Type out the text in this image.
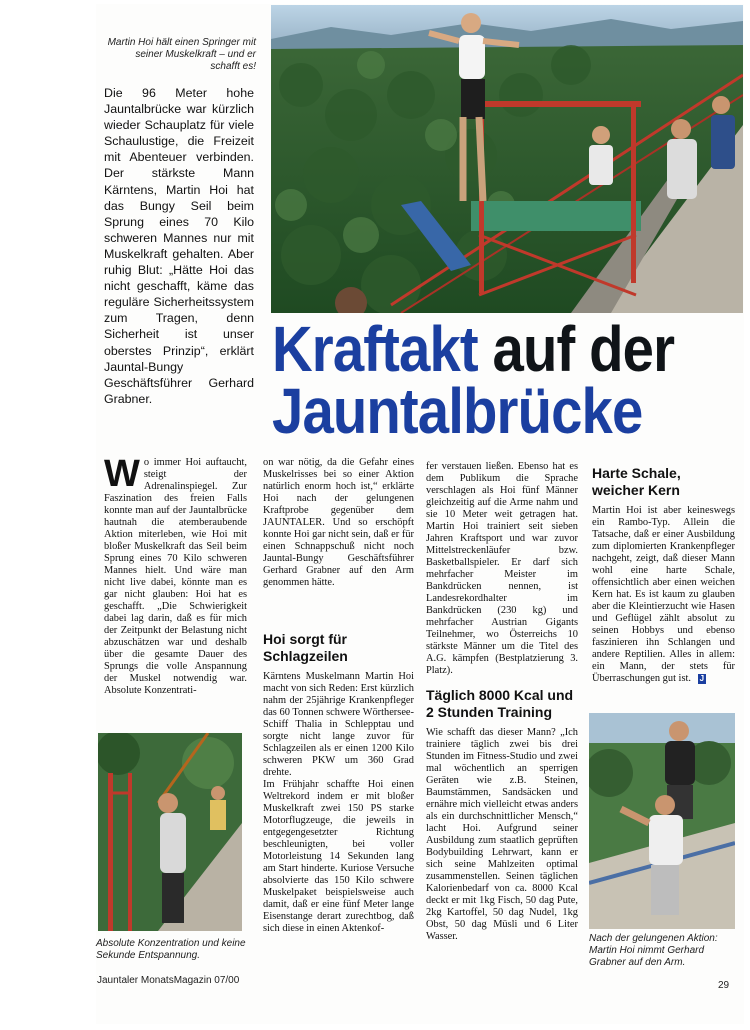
Martin Hoi hält einen Springer mit seiner Muskelkraft – und er schafft es!
Die 96 Meter hohe Jauntalbrücke war kürzlich wieder Schauplatz für viele Schaulustige, die Freizeit mit Abenteuer verbinden. Der stärkste Mann Kärntens, Martin Hoi hat das Bungy Seil beim Sprung eines 70 Kilo schweren Mannes nur mit Muskelkraft gehalten. Aber ruhig Blut: „Hätte Hoi das nicht geschafft, käme das reguläre Sicherheitssystem zum Tragen, denn Sicherheit ist unser oberstes Prinzip“, erklärt Jauntal-Bungy Geschäftsführer Gerhard Grabner.
Kraftakt auf der
Jauntalbrücke
Wo immer Hoi auftaucht, steigt der Adrenalinspiegel. Zur Faszination des freien Falls konnte man auf der Jauntalbrücke hautnah die atemberaubende Aktion miterleben, wie Hoi mit bloßer Muskelkraft das Seil beim Sprung eines 70 Kilo schweren Mannes hielt. Und wäre man nicht live dabei, könnte man es gar nicht glauben: Hoi hat es geschafft. „Die Schwierigkeit dabei lag darin, daß es für mich der Zeitpunkt der Belastung nicht abzuschätzen war und deshalb über die gesamte Dauer des Sprungs die volle Anspannung der Muskel notwendig war. Absolute Konzentrati-

on war nötig, da die Gefahr eines Muskelrisses bei so einer Aktion natürlich enorm hoch ist,“ erklärte Hoi nach der gelungenen Kraftprobe gegenüber dem JAUNTALER. Und so erschöpft konnte Hoi gar nicht sein, daß er für einen Schnappschuß nicht noch Jauntal-Bungy Geschäftsführer Gerhard Grabner auf den Arm genommen hätte.

Hoi sorgt für Schlagzeilen

Kärntens Muskelmann Martin Hoi macht von sich Reden: Erst kürzlich nahm der 25jährige Krankenpfleger das 60 Tonnen schwere Wörthersee-Schiff Thalia in Schlepptau und sorgte nicht lange zuvor für Schlagzeilen als er einen 1200 Kilo schweren PKW um 360 Grad drehte.

Im Frühjahr schaffte Hoi einen Weltrekord indem er mit bloßer Muskelkraft zwei 150 PS starke Motorflugzeuge, die jeweils in entgegengesetzter Richtung beschleunigten, bei voller Motorleistung 14 Sekunden lang am Start hinderte. Kuriose Versuche absolvierte das 150 Kilo schwere Muskelpaket beispielsweise auch damit, daß er eine fünf Meter lange Eisenstange derart zurechtbog, daß sich diese in einen Aktenkof-

fer verstauen ließen. Ebenso hat es dem Publikum die Sprache verschlagen als Hoi fünf Männer gleichzeitig auf die Arme nahm und sie 10 Meter weit getragen hat. Martin Hoi trainiert seit sieben Jahren Kraftsport und war zuvor Mittelstreckenläufer bzw. Basketballspieler. Er darf sich mehrfacher Meister im Bankdrücken nennen, ist Landesrekordhalter im Bankdrücken (230 kg) und mehrfacher Austrian Gigants Teilnehmer, wo Österreichs 10 stärkste Männer um die Titel des A.G. kämpfen (Bestplatzierung 3. Platz).

Täglich 8000 Kcal und 2 Stunden Training

Wie schafft das dieser Mann? „Ich trainiere täglich zwei bis drei Stunden im Fitness-Studio und zwei mal wöchentlich an sperrigen Geräten wie z.B. Steinen, Baumstämmen, Sandsäcken und ernähre mich vielleicht etwas anders als ein durchschnittlicher Mensch,“ lacht Hoi. Aufgrund seiner Ausbildung zum staatlich geprüften Bodybuilding Lehrwart, kann er sich seine Mahlzeiten optimal zusammenstellen. Seinen täglichen Kalorienbedarf von ca. 8000 Kcal deckt er mit 1kg Fisch, 50 dag Pute, 2kg Kartoffel, 50 dag Nudel, 1kg Obst, 50 dag Müsli und 6 Liter Wasser.

Harte Schale, weicher Kern
Martin Hoi ist aber keineswegs ein Rambo-Typ. Allein die Tatsache, daß er einer Ausbildung zum diplomierten Krankenpfleger nachgeht, zeigt, daß dieser Mann wohl eine harte Schale, offensichtlich aber einen weichen Kern hat. Es ist kaum zu glauben aber die Kleintierzucht wie Hasen und Geflügel zählt absolut zu seinen Hobbys und ebenso faszinieren ihn Schlangen und andere Reptilien. Alles in allem: ein Mann, der stets für Überraschungen gut ist. J
Absolute Konzentration und keine Sekunde Entspannung.
Nach der gelungenen Aktion: Martin Hoi nimmt Gerhard Grabner auf den Arm.
Jauntaler MonatsMagazin 07/00	29
